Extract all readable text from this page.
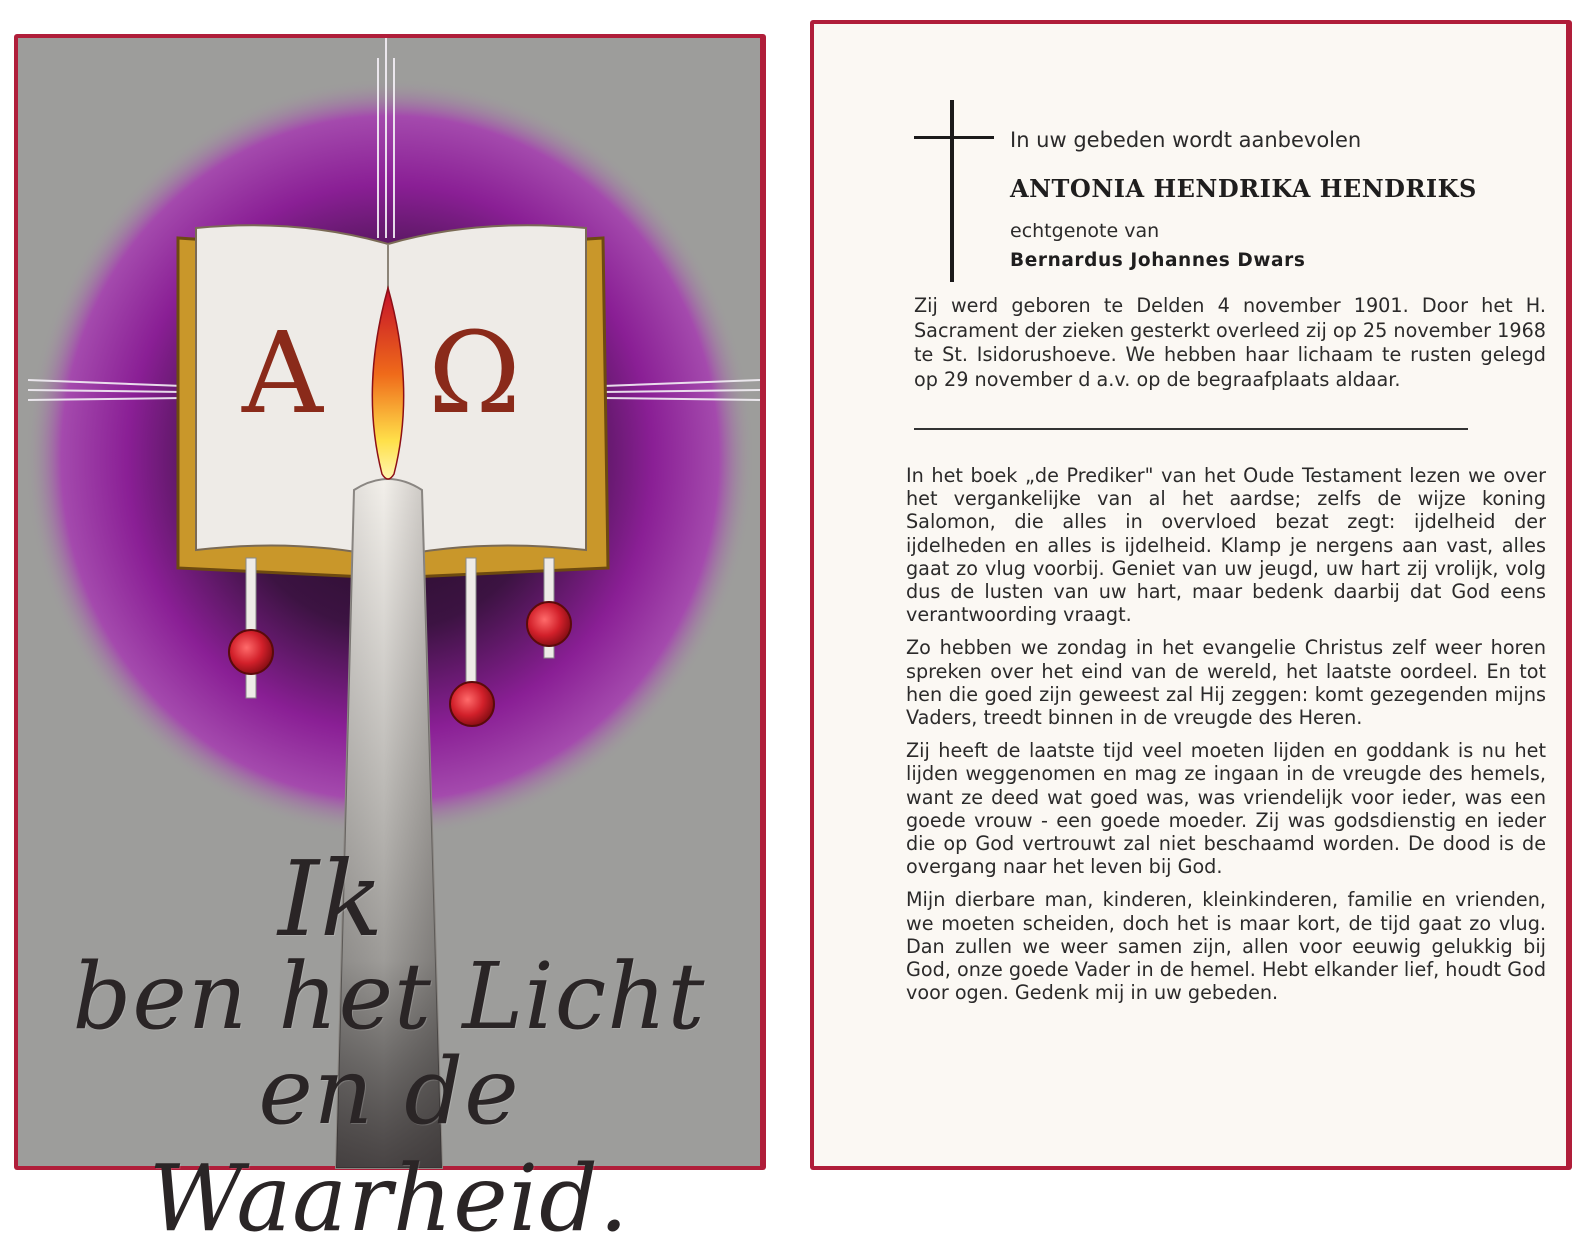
A Ω
Ik
ben het Licht
en de Waarheid.
In uw gebeden wordt aanbevolen
ANTONIA HENDRIKA HENDRIKS
echtgenote van
Bernardus Johannes Dwars
Zij werd geboren te Delden 4 november 1901. Door het H. Sacrament der zieken gesterkt overleed zij op 25 november 1968 te St. Isidorushoeve. We hebben haar lichaam te rusten gelegd op 29 november d a.v. op de begraafplaats aldaar.

In het boek „de Prediker" van het Oude Testament lezen we over het vergankelijke van al het aardse; zelfs de wijze koning Salomon, die alles in overvloed bezat zegt: ijdelheid der ijdelheden en alles is ijdelheid. Klamp je nergens aan vast, alles gaat zo vlug voorbij. Geniet van uw jeugd, uw hart zij vrolijk, volg dus de lusten van uw hart, maar bedenk daarbij dat God eens verantwoording vraagt.

Zo hebben we zondag in het evangelie Christus zelf weer horen spreken over het eind van de wereld, het laatste oordeel. En tot hen die goed zijn geweest zal Hij zeggen: komt gezegenden mijns Vaders, treedt binnen in de vreugde des Heren.

Zij heeft de laatste tijd veel moeten lijden en goddank is nu het lijden weggenomen en mag ze ingaan in de vreugde des hemels, want ze deed wat goed was, was vriendelijk voor ieder, was een goede vrouw - een goede moeder. Zij was godsdienstig en ieder die op God vertrouwt zal niet beschaamd worden. De dood is de overgang naar het leven bij God.

Mijn dierbare man, kinderen, kleinkinderen, familie en vrienden, we moeten scheiden, doch het is maar kort, de tijd gaat zo vlug. Dan zullen we weer samen zijn, allen voor eeuwig gelukkig bij God, onze goede Vader in de hemel. Hebt elkander lief, houdt God voor ogen. Gedenk mij in uw gebeden.
